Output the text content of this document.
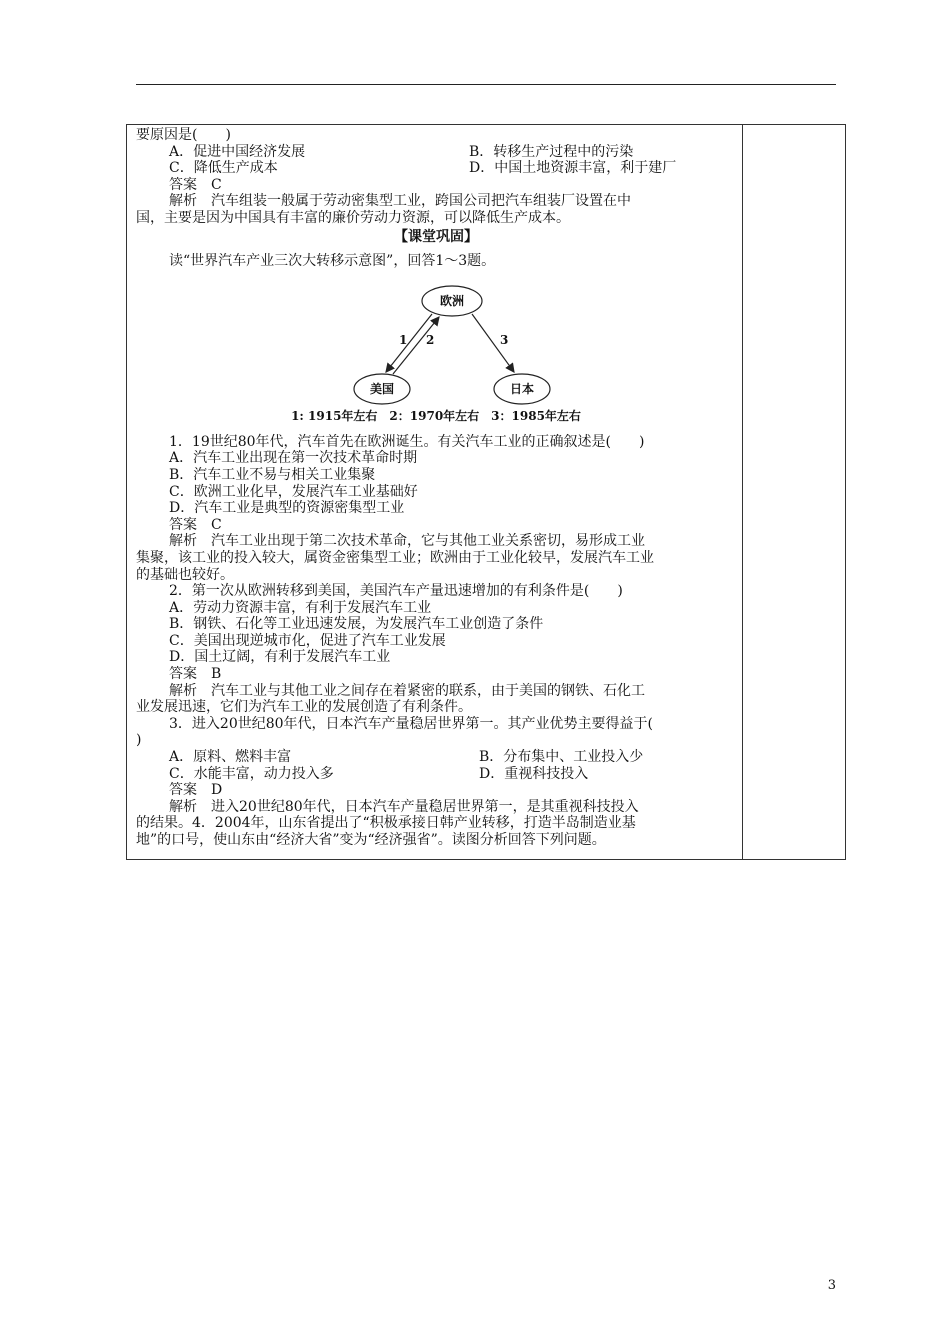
要原因是(　　)
A．促进中国经济发展	B．转移生产过程中的污染
C．降低生产成本	D．中国土地资源丰富，利于建厂
答案　C
解析　汽车组装一般属于劳动密集型工业，跨国公司把汽车组装厂设置在中
国，主要是因为中国具有丰富的廉价劳动力资源，可以降低生产成本。
【课堂巩固】
读“世界汽车产业三次大转移示意图”，回答1～3题。
欧洲
美国	日本
1 2	3
1: 1915年左右　2：1970年左右　3：1985年左右
1．19世纪80年代，汽车首先在欧洲诞生。有关汽车工业的正确叙述是(　　)
A．汽车工业出现在第一次技术革命时期
B．汽车工业不易与相关工业集聚
C．欧洲工业化早，发展汽车工业基础好
D．汽车工业是典型的资源密集型工业
答案　C
解析　汽车工业出现于第二次技术革命，它与其他工业关系密切，易形成工业
集聚，该工业的投入较大，属资金密集型工业；欧洲由于工业化较早，发展汽车工业
的基础也较好。
2．第一次从欧洲转移到美国，美国汽车产量迅速增加的有利条件是(　　)
A．劳动力资源丰富，有利于发展汽车工业
B．钢铁、石化等工业迅速发展，为发展汽车工业创造了条件
C．美国出现逆城市化，促进了汽车工业发展
D．国土辽阔，有利于发展汽车工业
答案　B
解析　汽车工业与其他工业之间存在着紧密的联系，由于美国的钢铁、石化工
业发展迅速，它们为汽车工业的发展创造了有利条件。
3．进入20世纪80年代，日本汽车产量稳居世界第一。其产业优势主要得益于(
)
A．原料、燃料丰富	B．分布集中、工业投入少
C．水能丰富，动力投入多	D．重视科技投入
答案　D
解析　进入20世纪80年代，日本汽车产量稳居世界第一，是其重视科技投入
的结果。4．2004年，山东省提出了“积极承接日韩产业转移，打造半岛制造业基
地”的口号，使山东由“经济大省”变为“经济强省”。读图分析回答下列问题。
3
